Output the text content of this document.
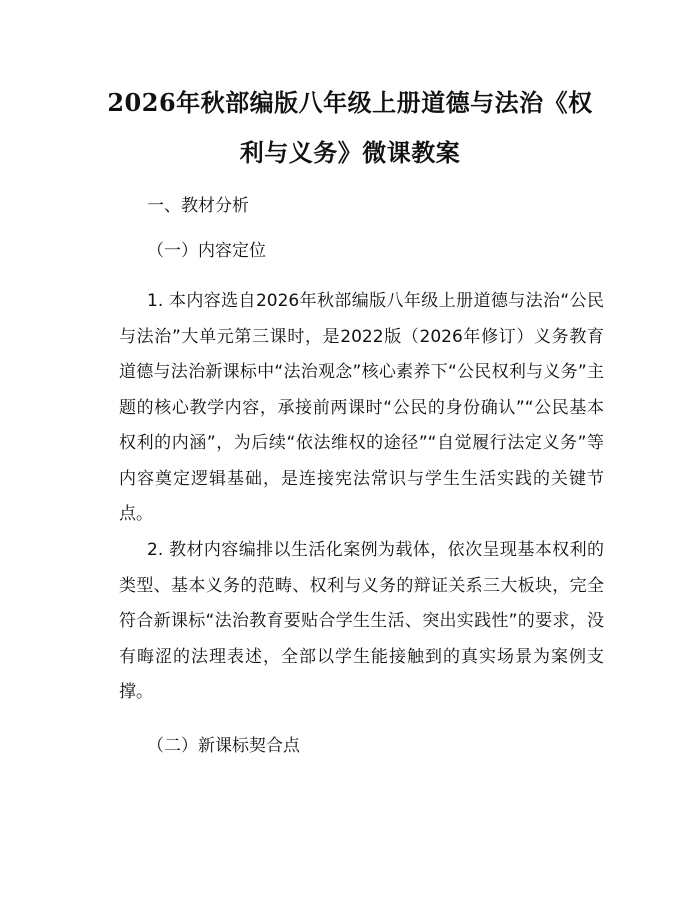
2026年秋部编版八年级上册道德与法治《权利与义务》微课教案

一、教材分析

（一）内容定位

1. 本内容选自2026年秋部编版八年级上册道德与法治“公民与法治”大单元第三课时，是2022版（2026年修订）义务教育道德与法治新课标中“法治观念”核心素养下“公民权利与义务”主题的核心教学内容，承接前两课时“公民的身份确认”“公民基本权利的内涵”，为后续“依法维权的途径”“自觉履行法定义务”等内容奠定逻辑基础，是连接宪法常识与学生生活实践的关键节点。

2. 教材内容编排以生活化案例为载体，依次呈现基本权利的类型、基本义务的范畴、权利与义务的辩证关系三大板块，完全符合新课标“法治教育要贴合学生生活、突出实践性”的要求，没有晦涩的法理表述，全部以学生能接触到的真实场景为案例支撑。

（二）新课标契合点
